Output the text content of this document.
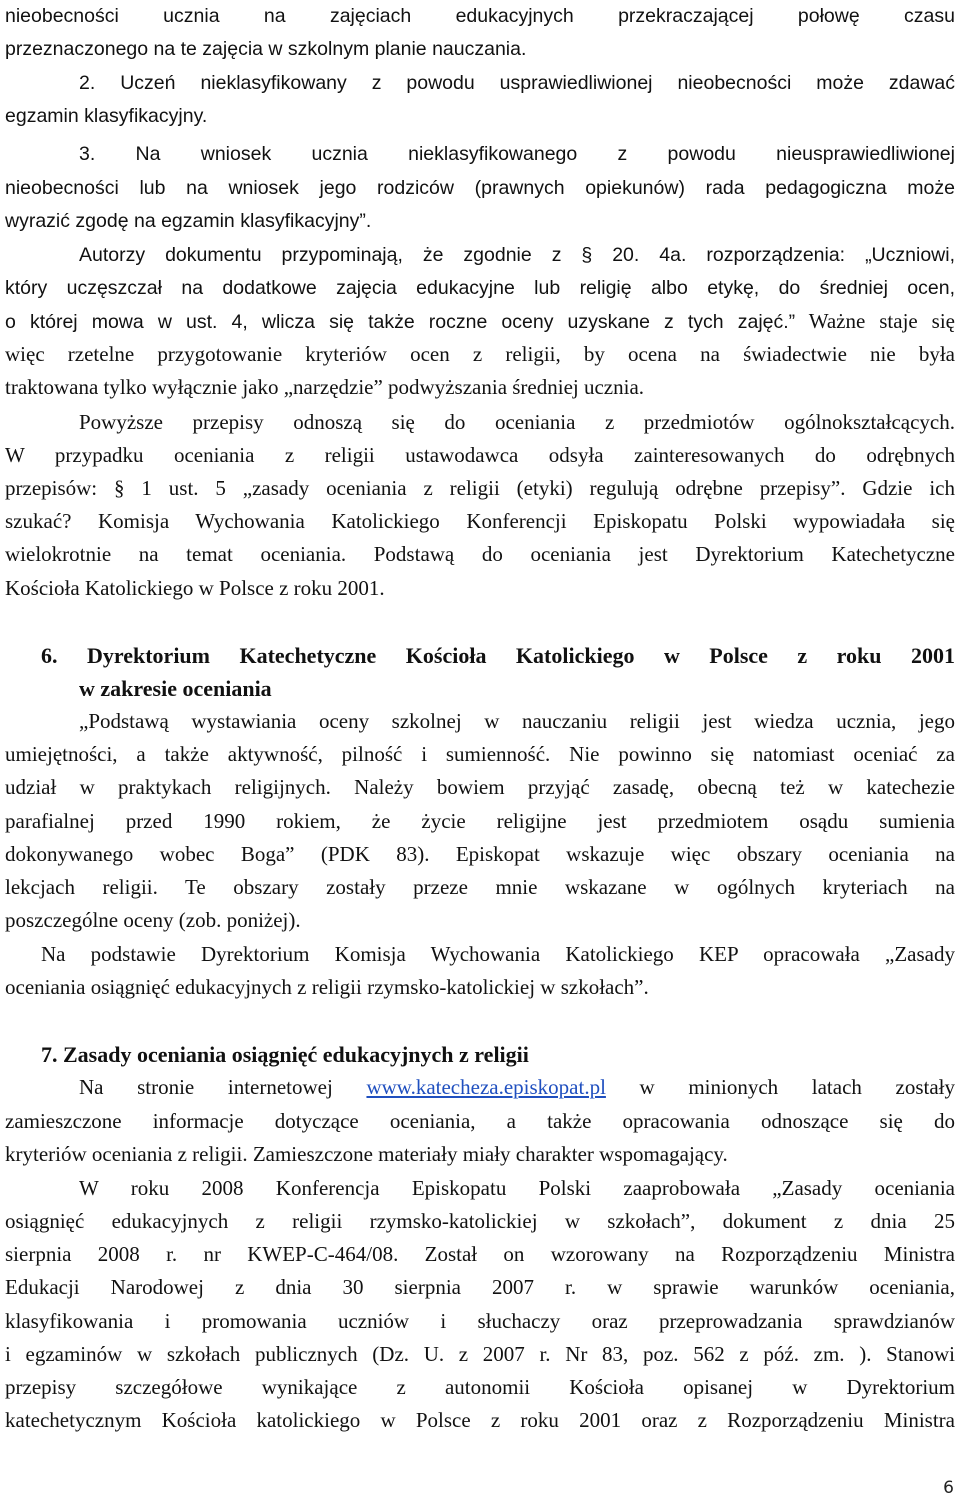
nieobecności ucznia na zajęciach edukacyjnych przekraczającej połowę czasu
przeznaczonego na te zajęcia w szkolnym planie nauczania.
2. Uczeń nieklasyfikowany z powodu usprawiedliwionej nieobecności może zdawać
egzamin klasyfikacyjny.
3. Na wniosek ucznia nieklasyfikowanego z powodu nieusprawiedliwionej
nieobecności lub na wniosek jego rodziców (prawnych opiekunów) rada pedagogiczna może
wyrazić zgodę na egzamin klasyfikacyjny”.
Autorzy dokumentu przypominają, że zgodnie z § 20. 4a. rozporządzenia: „Uczniowi,
który uczęszczał na dodatkowe zajęcia edukacyjne lub religię albo etykę, do średniej ocen,
o której mowa w ust. 4, wlicza się także roczne oceny uzyskane z tych zajęć.” Ważne staje się
więc rzetelne przygotowanie kryteriów ocen z religii, by ocena na świadectwie nie była
traktowana tylko wyłącznie jako „narzędzie” podwyższania średniej ucznia.
Powyższe przepisy odnoszą się do oceniania z przedmiotów ogólnokształcących.
W przypadku oceniania z religii ustawodawca odsyła zainteresowanych do odrębnych
przepisów: § 1 ust. 5 „zasady oceniania z religii (etyki) regulują odrębne przepisy”. Gdzie ich
szukać? Komisja Wychowania Katolickiego Konferencji Episkopatu Polski wypowiadała się
wielokrotnie na temat oceniania. Podstawą do oceniania jest Dyrektorium Katechetyczne
Kościoła Katolickiego w Polsce z roku 2001.
6. Dyrektorium Katechetyczne Kościoła Katolickiego w Polsce z roku 2001
w zakresie oceniania
„Podstawą wystawiania oceny szkolnej w nauczaniu religii jest wiedza ucznia, jego
umiejętności, a także aktywność, pilność i sumienność. Nie powinno się natomiast oceniać za
udział w praktykach religijnych. Należy bowiem przyjąć zasadę, obecną też w katechezie
parafialnej przed 1990 rokiem, że życie religijne jest przedmiotem osądu sumienia
dokonywanego wobec Boga” (PDK 83). Episkopat wskazuje więc obszary oceniania na
lekcjach religii. Te obszary zostały przeze mnie wskazane w ogólnych kryteriach na
poszczególne oceny (zob. poniżej).
Na podstawie Dyrektorium Komisja Wychowania Katolickiego KEP opracowała „Zasady
oceniania osiągnięć edukacyjnych z religii rzymsko-katolickiej w szkołach”.
7. Zasady oceniania osiągnięć edukacyjnych z religii
Na stronie internetowej www.katecheza.episkopat.pl w minionych latach zostały
zamieszczone informacje dotyczące oceniania, a także opracowania odnoszące się do
kryteriów oceniania z religii. Zamieszczone materiały miały charakter wspomagający.
W roku 2008 Konferencja Episkopatu Polski zaaprobowała „Zasady oceniania
osiągnięć edukacyjnych z religii rzymsko-katolickiej w szkołach”, dokument z dnia 25
sierpnia 2008 r. nr KWEP-C-464/08. Został on wzorowany na Rozporządzeniu Ministra
Edukacji Narodowej z dnia 30 sierpnia 2007 r. w sprawie warunków oceniania,
klasyfikowania i promowania uczniów i słuchaczy oraz przeprowadzania sprawdzianów
i egzaminów w szkołach publicznych (Dz. U. z 2007 r. Nr 83, poz. 562 z póź. zm. ). Stanowi
przepisy szczegółowe wynikające z autonomii Kościoła opisanej w Dyrektorium
katechetycznym Kościoła katolickiego w Polsce z roku 2001 oraz z Rozporządzeniu Ministra
6
